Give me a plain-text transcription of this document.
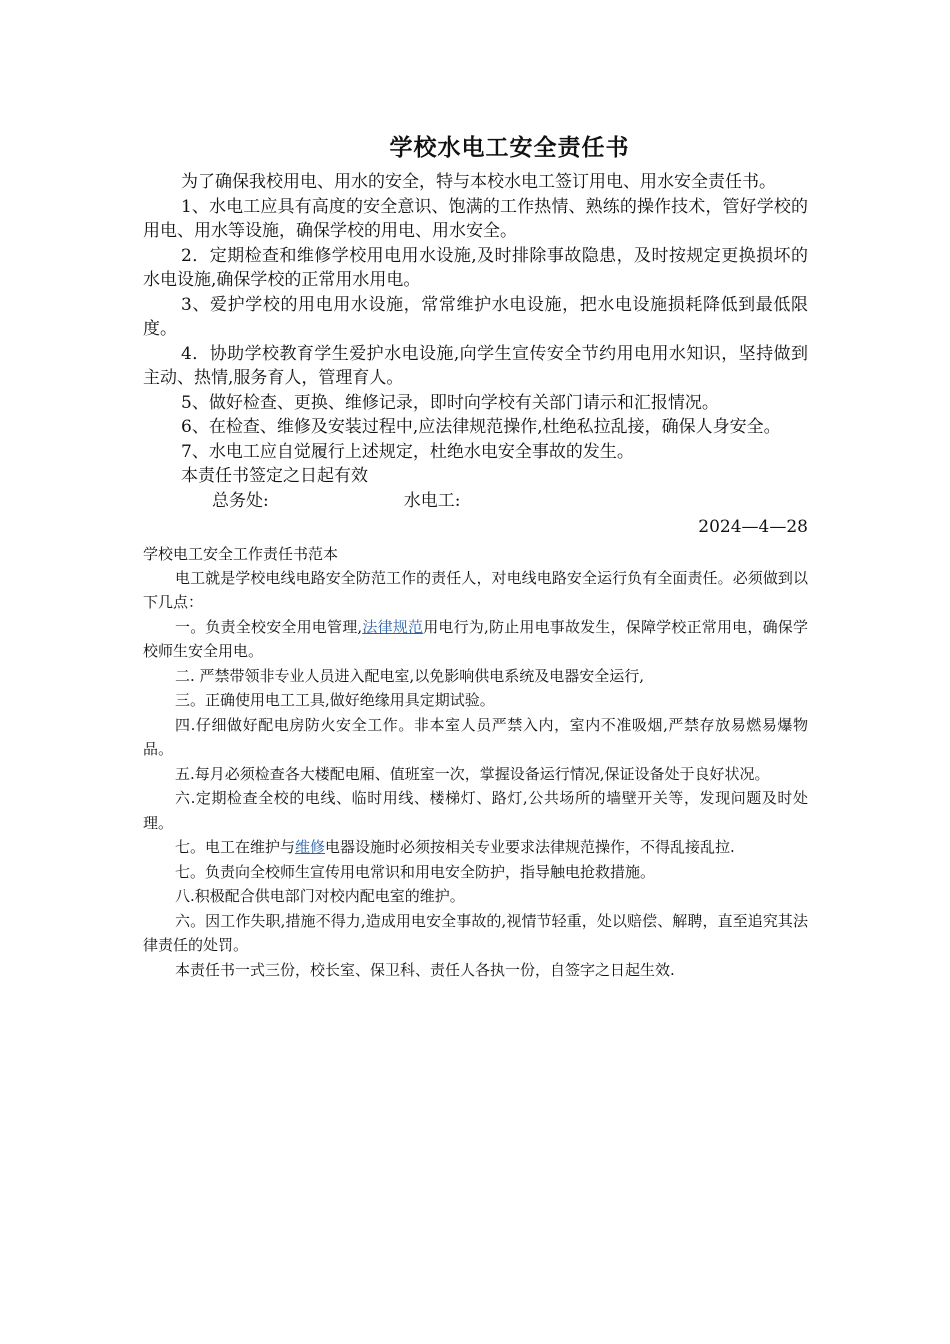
学校水电工安全责任书

为了确保我校用电、用水的安全，特与本校水电工签订用电、用水安全责任书。

1、水电工应具有高度的安全意识、饱满的工作热情、熟练的操作技术，管好学校的用电、用水等设施，确保学校的用电、用水安全。

2．定期检查和维修学校用电用水设施,及时排除事故隐患，及时按规定更换损坏的水电设施,确保学校的正常用水用电。

3、爱护学校的用电用水设施，常常维护水电设施，把水电设施损耗降低到最低限度。

4．协助学校教育学生爱护水电设施,向学生宣传安全节约用电用水知识，坚持做到主动、热情,服务育人，管理育人。

5、做好检查、更换、维修记录，即时向学校有关部门请示和汇报情况。

6、在检查、维修及安装过程中,应法律规范操作,杜绝私拉乱接，确保人身安全。

7、水电工应自觉履行上述规定，杜绝水电安全事故的发生。

本责任书签定之日起有效

总务处:	水电工:

2024—4—28

学校电工安全工作责任书范本

电工就是学校电线电路安全防范工作的责任人，对电线电路安全运行负有全面责任。必须做到以下几点：

一。负责全校安全用电管理,法律规范用电行为,防止用电事故发生，保障学校正常用电，确保学校师生安全用电。

二. 严禁带领非专业人员进入配电室,以免影响供电系统及电器安全运行,

三。正确使用电工工具,做好绝缘用具定期试验。

四.仔细做好配电房防火安全工作。非本室人员严禁入内，室内不准吸烟,严禁存放易燃易爆物品。

五.每月必须检查各大楼配电厢、值班室一次，掌握设备运行情况,保证设备处于良好状况。

六.定期检查全校的电线、临时用线、楼梯灯、路灯,公共场所的墙壁开关等，发现问题及时处理。

七。电工在维护与维修电器设施时必须按相关专业要求法律规范操作，不得乱接乱拉.

七。负责向全校师生宣传用电常识和用电安全防护，指导触电抢救措施。

八.积极配合供电部门对校内配电室的维护。

六。因工作失职,措施不得力,造成用电安全事故的,视情节轻重，处以赔偿、解聘，直至追究其法律责任的处罚。

本责任书一式三份，校长室、保卫科、责任人各执一份，自签字之日起生效.
